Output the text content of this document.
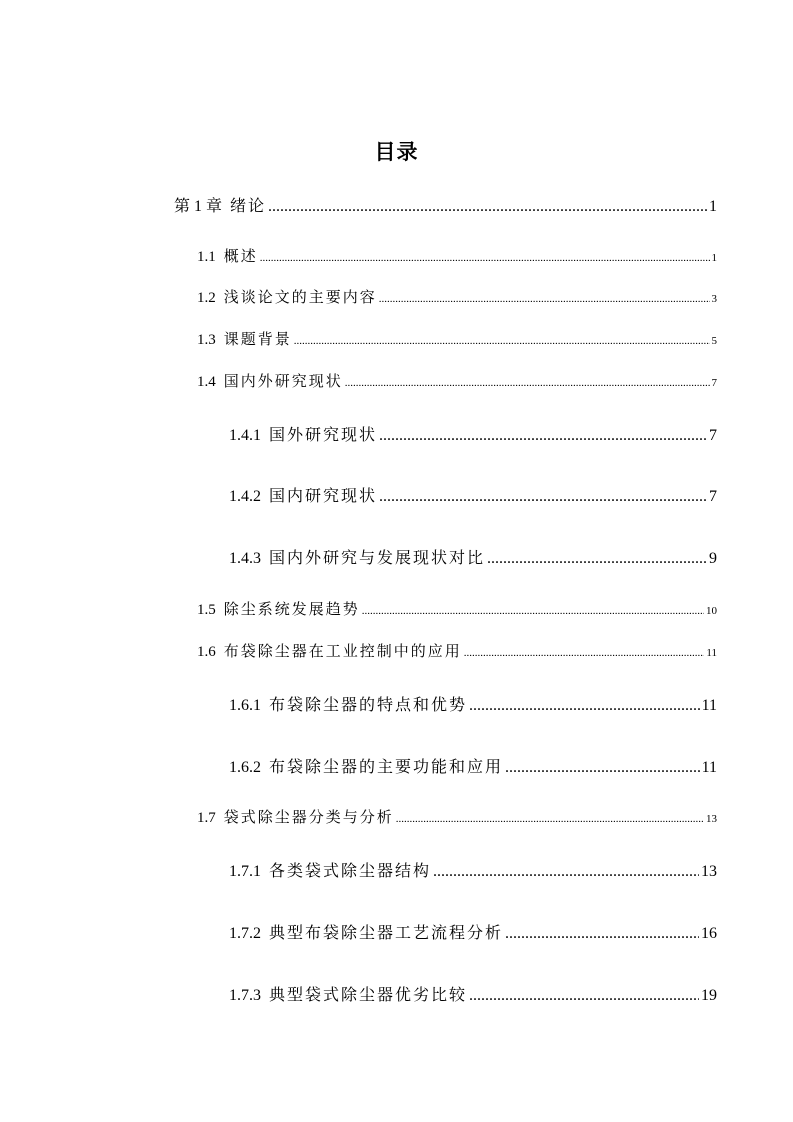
目录
第 1 章 绪论 .....	1
1.1 概述 .....	1
1.2 浅谈论文的主要内容 .....	3
1.3 课题背景 .....	5
1.4 国内外研究现状 .....	7
1.4.1 国外研究现状 .....	7
1.4.2 国内研究现状 .....	7
1.4.3 国内外研究与发展现状对比 .....	9
1.5 除尘系统发展趋势 .....	10
1.6 布袋除尘器在工业控制中的应用 .....	11
1.6.1 布袋除尘器的特点和优势 .....	11
1.6.2 布袋除尘器的主要功能和应用 .....	11
1.7 袋式除尘器分类与分析 .....	13
1.7.1 各类袋式除尘器结构 .....	13
1.7.2 典型布袋除尘器工艺流程分析 .....	16
1.7.3 典型袋式除尘器优劣比较 .....	19
